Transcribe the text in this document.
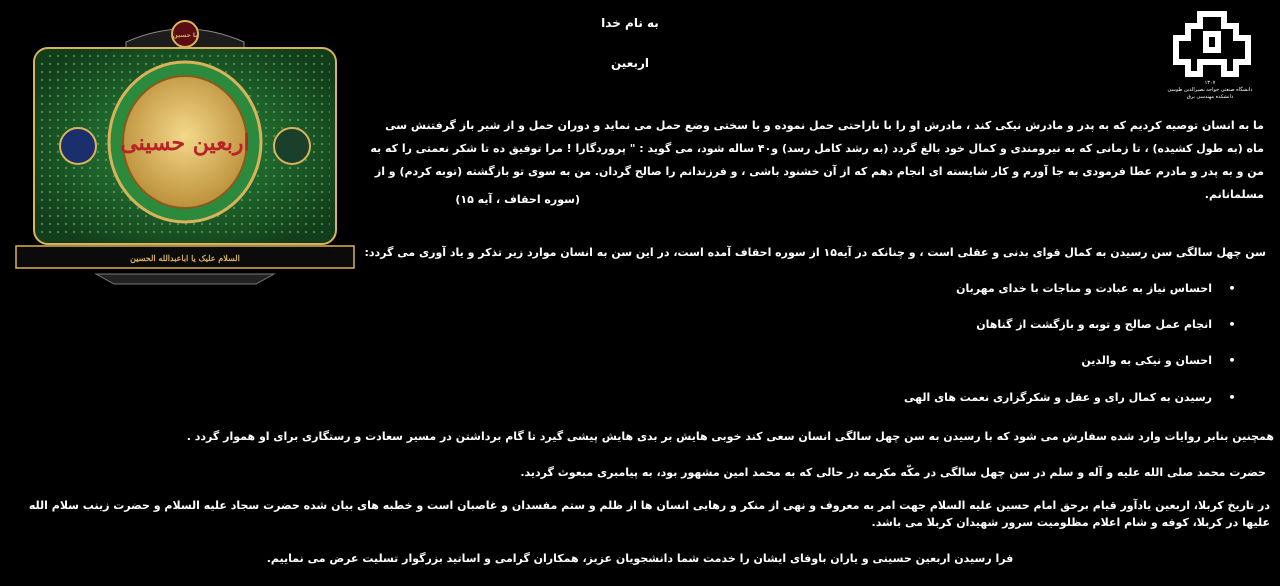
به نام خدا
اربعین
۱۳۰۷
دانشگاه صنعتی خواجه نصیرالدین طوسی
دانشکده مهندسی برق
یا حسین
اربعین حسینی
السلام علیک یا اباعبدالله الحسین
ما به انسان توصیه کردیم که به پدر و مادرش نیکی کند ، مادرش او را با ناراحتی حمل نموده و با سختی وضع حمل می نماید و دوران حمل و از شیر باز گرفتنش سی ماه (به طول کشیده) ، تا زمانی که به نیرومندی و کمال خود بالغ گردد (به رشد کامل رسد) و۴۰ ساله شود، می گوید : " پروردگارا ! مرا توفیق ده تا شکر نعمتی را که به من و به پدر و مادرم عطا فرمودی به جا آورم و کار شایسته ای انجام دهم که از آن خشنود باشی ، و فرزندانم را صالح گردان. من به سوی تو بازگشته (توبه کردم) و از مسلمانانم.
(سوره احقاف ، آیه ۱۵)
سن چهل سالگی سن رسیدن به کمال قوای بدنی و عقلی است ، و چنانکه در آیه۱۵ از سوره احقاف آمده است، در این سن به انسان موارد زیر تذکر و یاد آوری می گردد:
•احساس نیاز به عبادت و مناجات با خدای مهربان
•انجام عمل صالح و توبه و بازگشت از گناهان
•احسان و نیکی به والدین
•رسیدن به کمال رای و عقل و شکرگزاری نعمت های الهی
همچنین بنابر روایات وارد شده سفارش می شود که با رسیدن به سن چهل سالگی انسان سعی کند خوبی هایش بر بدی هایش پیشی گیرد تا گام برداشتن در مسیر سعادت و رستگاری برای او هموار گردد .
حضرت محمد صلی الله علیه و آله و سلم در سن چهل سالگی در مکّه مکرمه در حالی که به محمد امین مشهور بود، به پیامبری مبعوث گردید.
در تاریخ کربلا، اربعین یادآور قیام برحق امام حسین علیه السلام جهت امر به معروف و نهی از منکر و رهایی انسان ها از ظلم و ستم مفسدان و غاصبان است و خطبه های بیان شده حضرت سجاد علیه السلام و حضرت زینب سلام الله علیها در کربلا، کوفه و شام اعلام مظلومیت سرور شهیدان کربلا می باشد.
فرا رسیدن اربعین حسینی و یاران باوفای ایشان را خدمت شما دانشجویان عزیز، همکاران گرامی و اساتید بزرگوار تسلیت عرض می نماییم.
